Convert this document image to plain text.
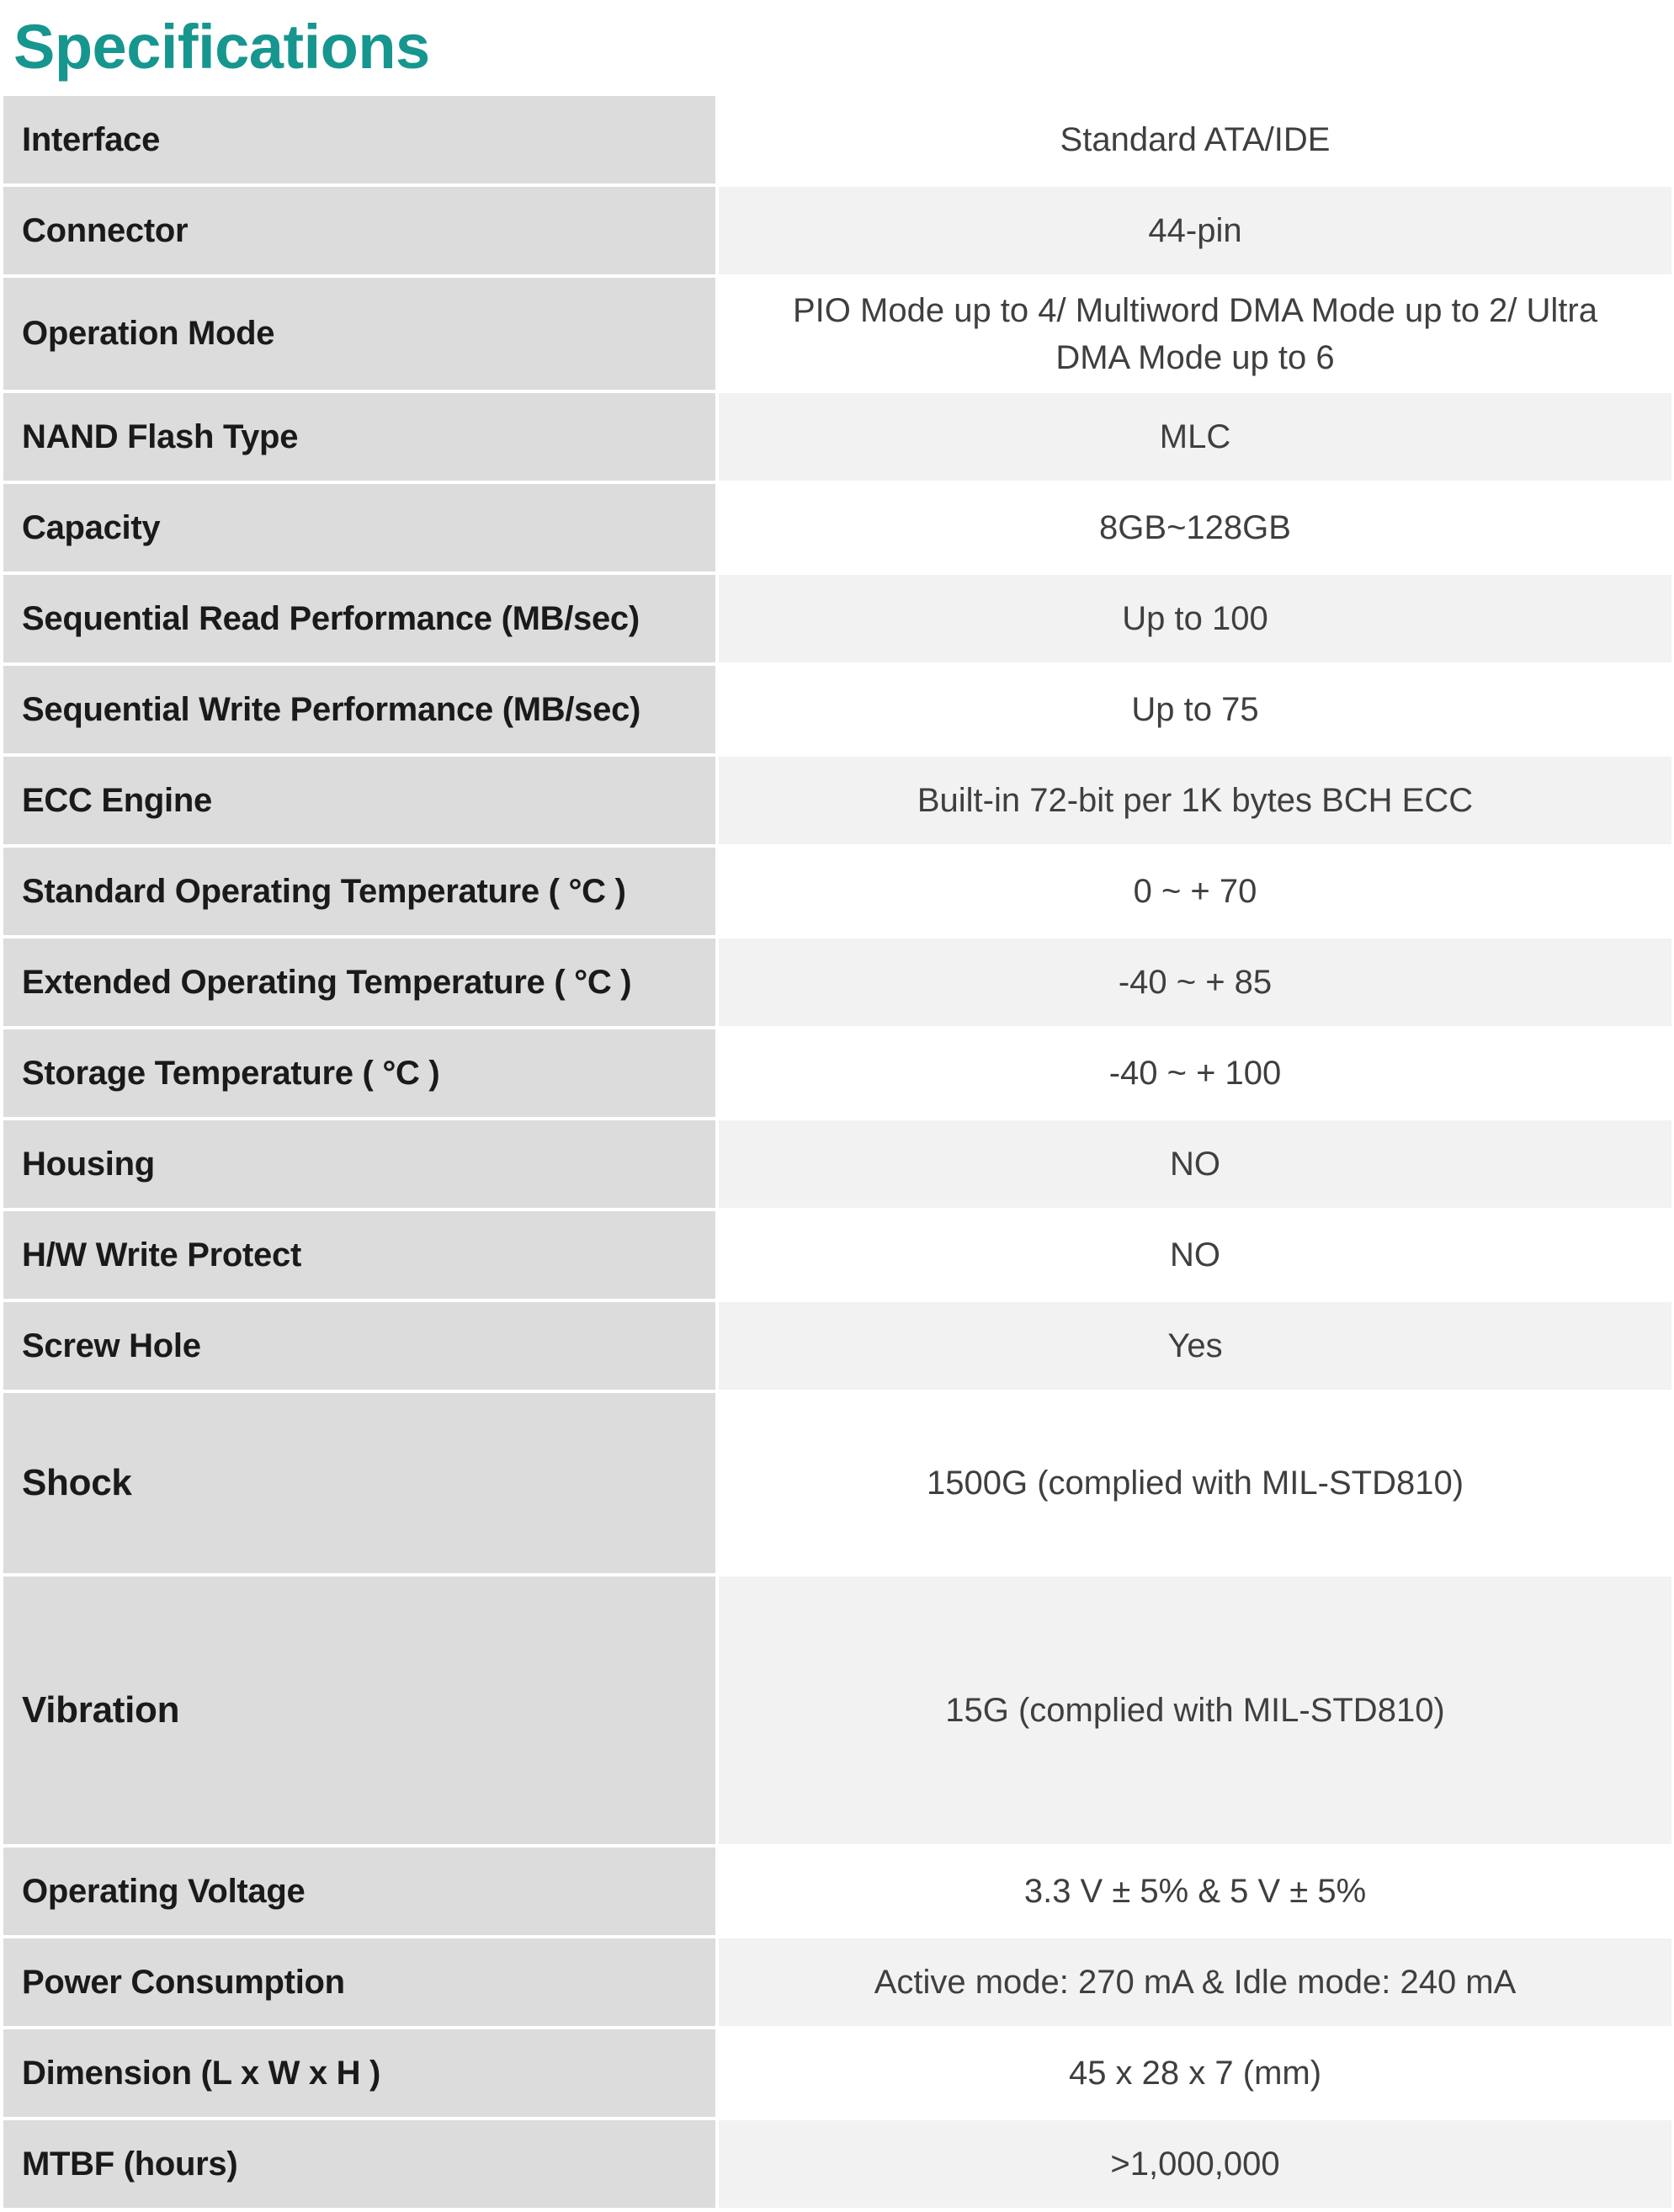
Specifications
Interface	Standard ATA/IDE
Connector	44-pin
Operation Mode	PIO Mode up to 4/ Multiword DMA Mode up to 2/ Ultra DMA Mode up to 6
NAND Flash Type	MLC
Capacity	8GB~128GB
Sequential Read Performance (MB/sec)	Up to 100
Sequential Write Performance (MB/sec)	Up to 75
ECC Engine	Built-in 72-bit per 1K bytes BCH ECC
Standard Operating Temperature ( °C )	0 ~ + 70
Extended Operating Temperature ( °C )	-40 ~ + 85
Storage Temperature ( °C )	-40 ~ + 100
Housing	NO
H/W Write Protect	NO
Screw Hole	Yes
Shock	1500G (complied with MIL-STD810)
Vibration	15G (complied with MIL-STD810)
Operating Voltage	3.3 V ± 5% & 5 V ± 5%
Power Consumption	Active mode: 270 mA & Idle mode: 240 mA
Dimension (L x W x H )	45 x 28 x 7 (mm)
MTBF (hours)	>1,000,000
